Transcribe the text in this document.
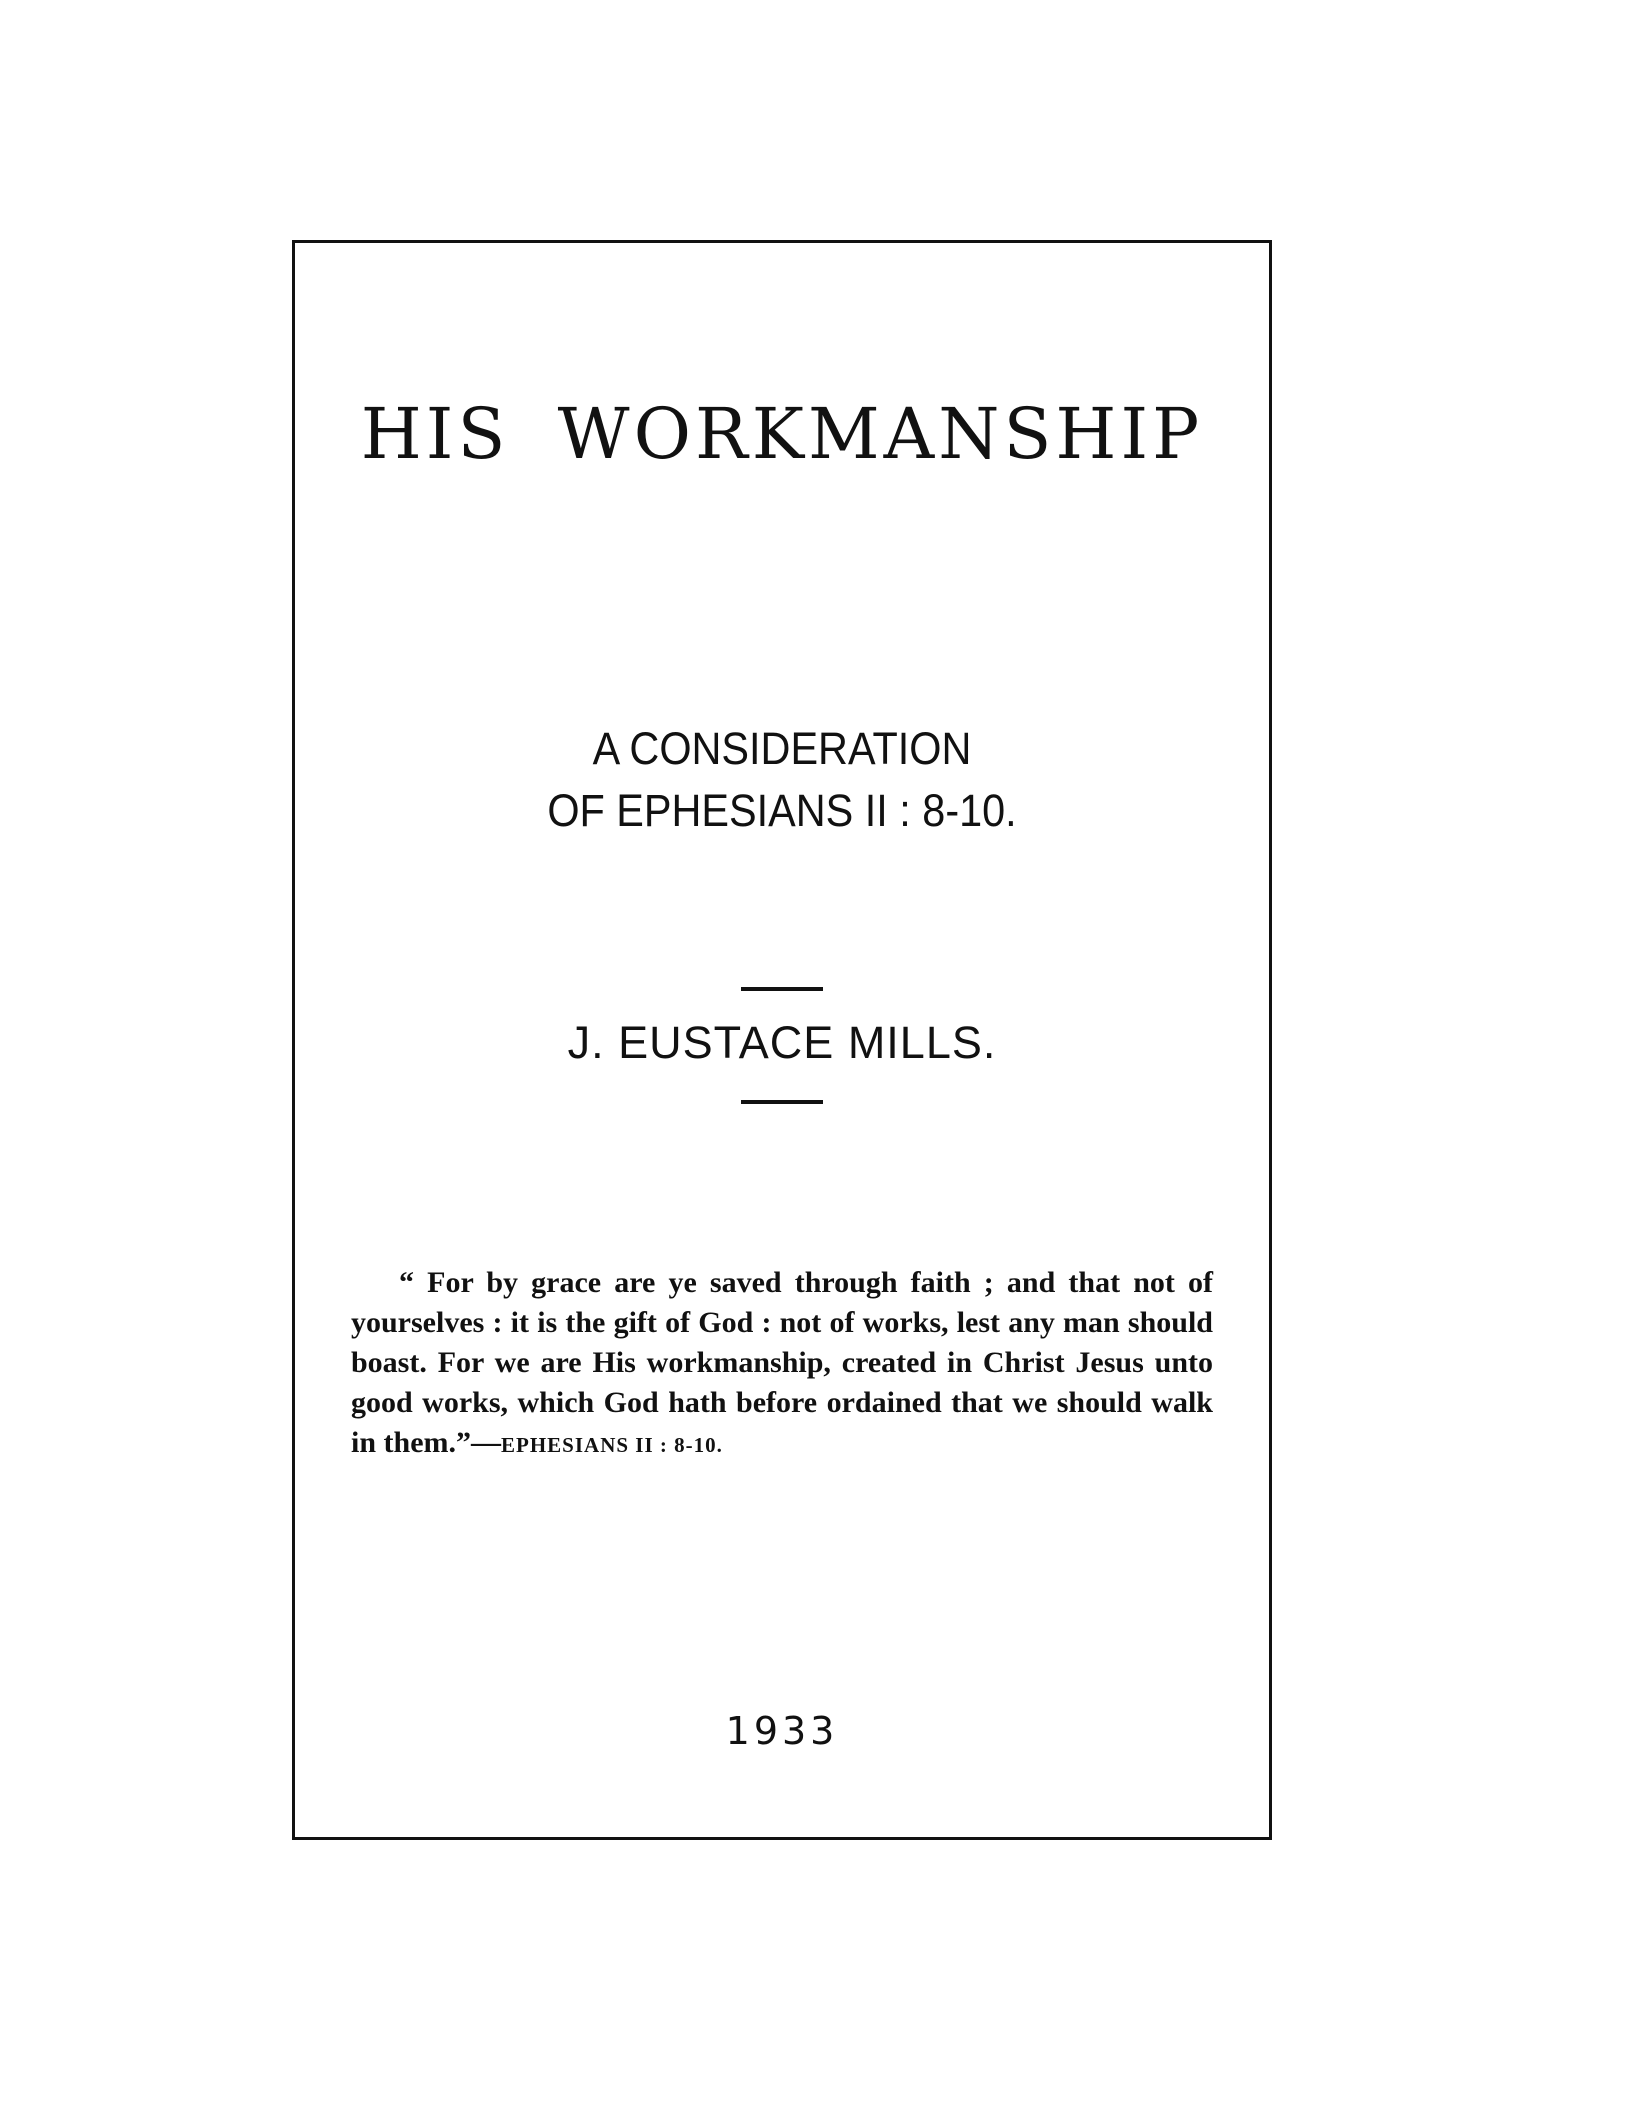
HIS WORKMANSHIP
A CONSIDERATION
OF EPHESIANS II : 8-10.
J. EUSTACE MILLS.
“ For by grace are ye saved through faith ; and that not of yourselves : it is the gift of God : not of works, lest any man should boast. For we are His workmanship, created in Christ Jesus unto good works, which God hath before ordained that we should walk in them.”—EPHESIANS II : 8-10.
1933
